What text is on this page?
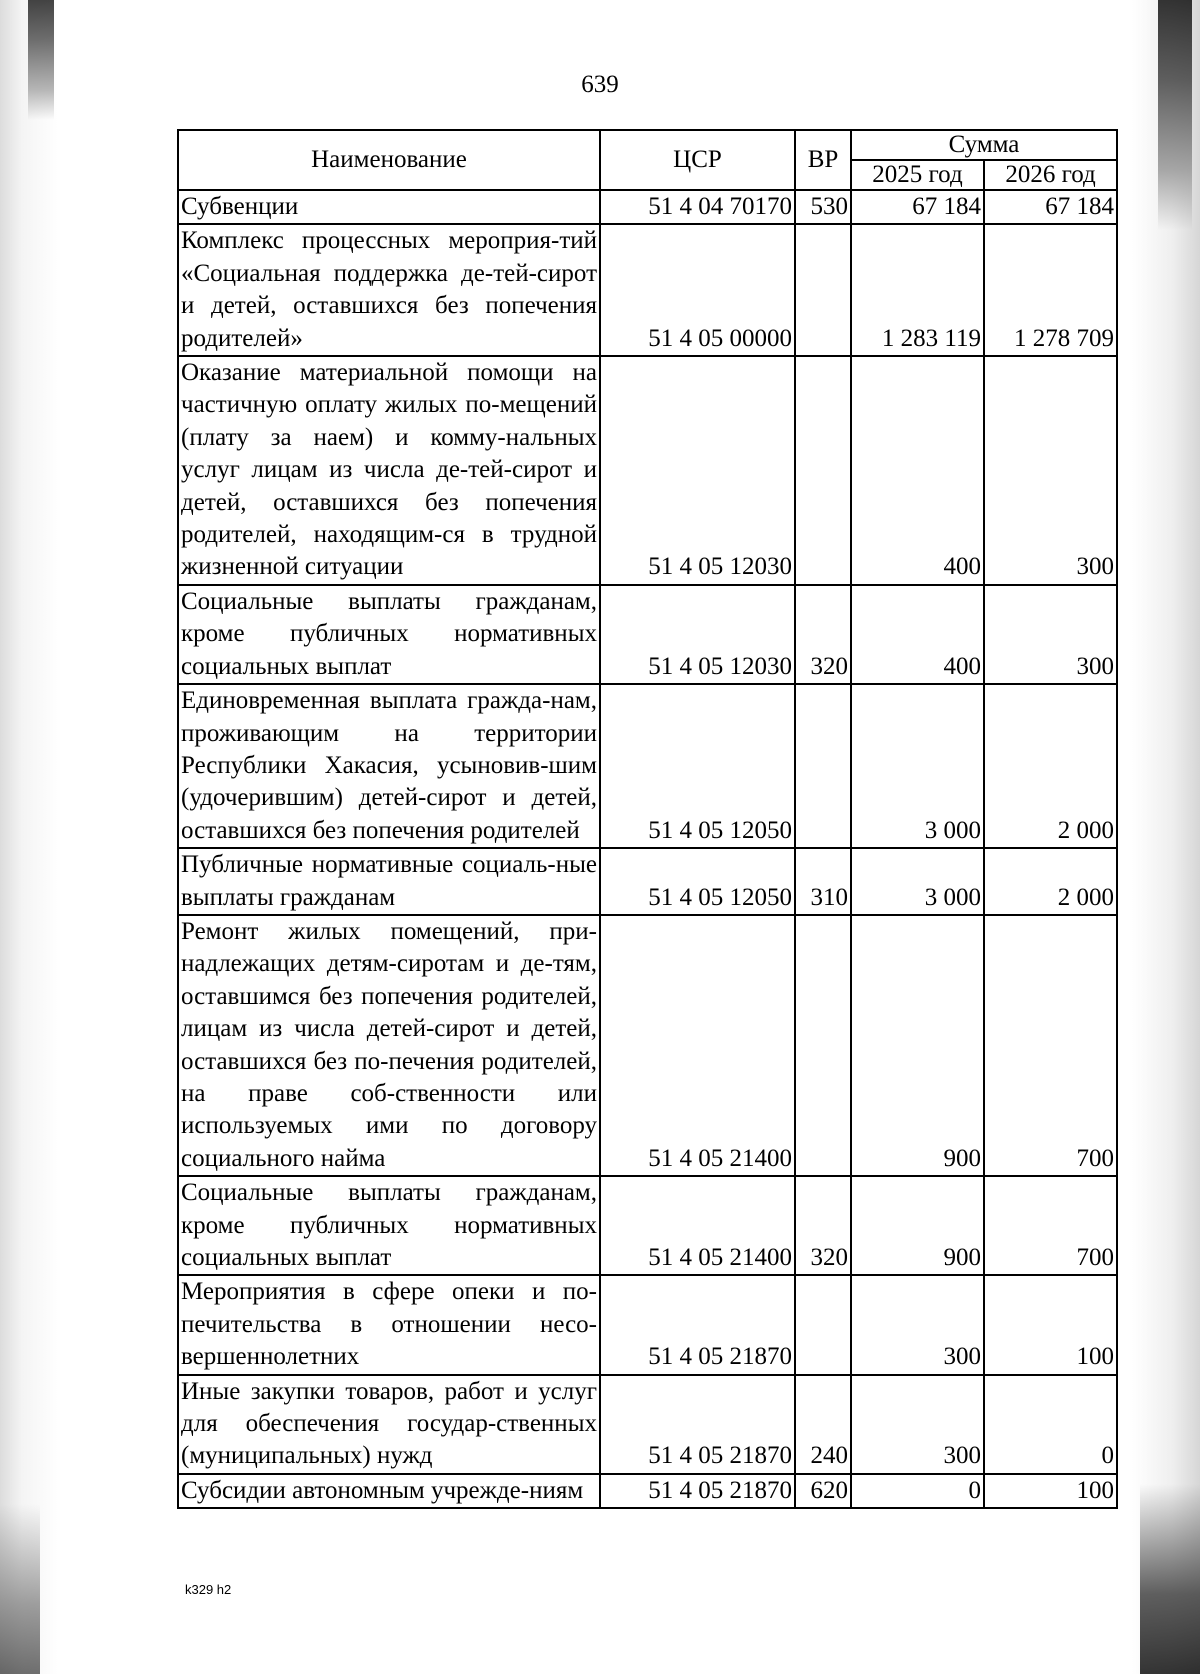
639
Наименование	ЦСР	ВР	Сумма	
			2025 год	2026 год
Субвенции	51 4 04 70170	530	67 184	67 184
Комплекс процессных мероприя-тий «Социальная поддержка де-тей-сирот и детей, оставшихся без попечения родителей»	51 4 05 00000		1 283 119	1 278 709
Оказание материальной помощи на частичную оплату жилых по-мещений (плату за наем) и комму-нальных услуг лицам из числа де-тей-сирот и детей, оставшихся без попечения родителей, находящим-ся в трудной жизненной ситуации	51 4 05 12030		400	300
Социальные выплаты гражданам, кроме публичных нормативных социальных выплат	51 4 05 12030	320	400	300
Единовременная выплата гражда-нам, проживающим на территории Республики Хакасия, усыновив-шим (удочерившим) детей-сирот и детей, оставшихся без попечения родителей	51 4 05 12050		3 000	2 000
Публичные нормативные социаль-ные выплаты гражданам	51 4 05 12050	310	3 000	2 000
Ремонт жилых помещений, при-надлежащих детям-сиротам и де-тям, оставшимся без попечения родителей, лицам из числа детей-сирот и детей, оставшихся без по-печения родителей, на праве соб-ственности или используемых ими по договору социального найма	51 4 05 21400		900	700
Социальные выплаты гражданам, кроме публичных нормативных социальных выплат	51 4 05 21400	320	900	700
Мероприятия в сфере опеки и по-печительства в отношении несо-вершеннолетних	51 4 05 21870		300	100
Иные закупки товаров, работ и услуг для обеспечения государ-ственных (муниципальных) нужд	51 4 05 21870	240	300	0
Субсидии автономным учрежде-ниям	51 4 05 21870	620	0	100
k329 h2
